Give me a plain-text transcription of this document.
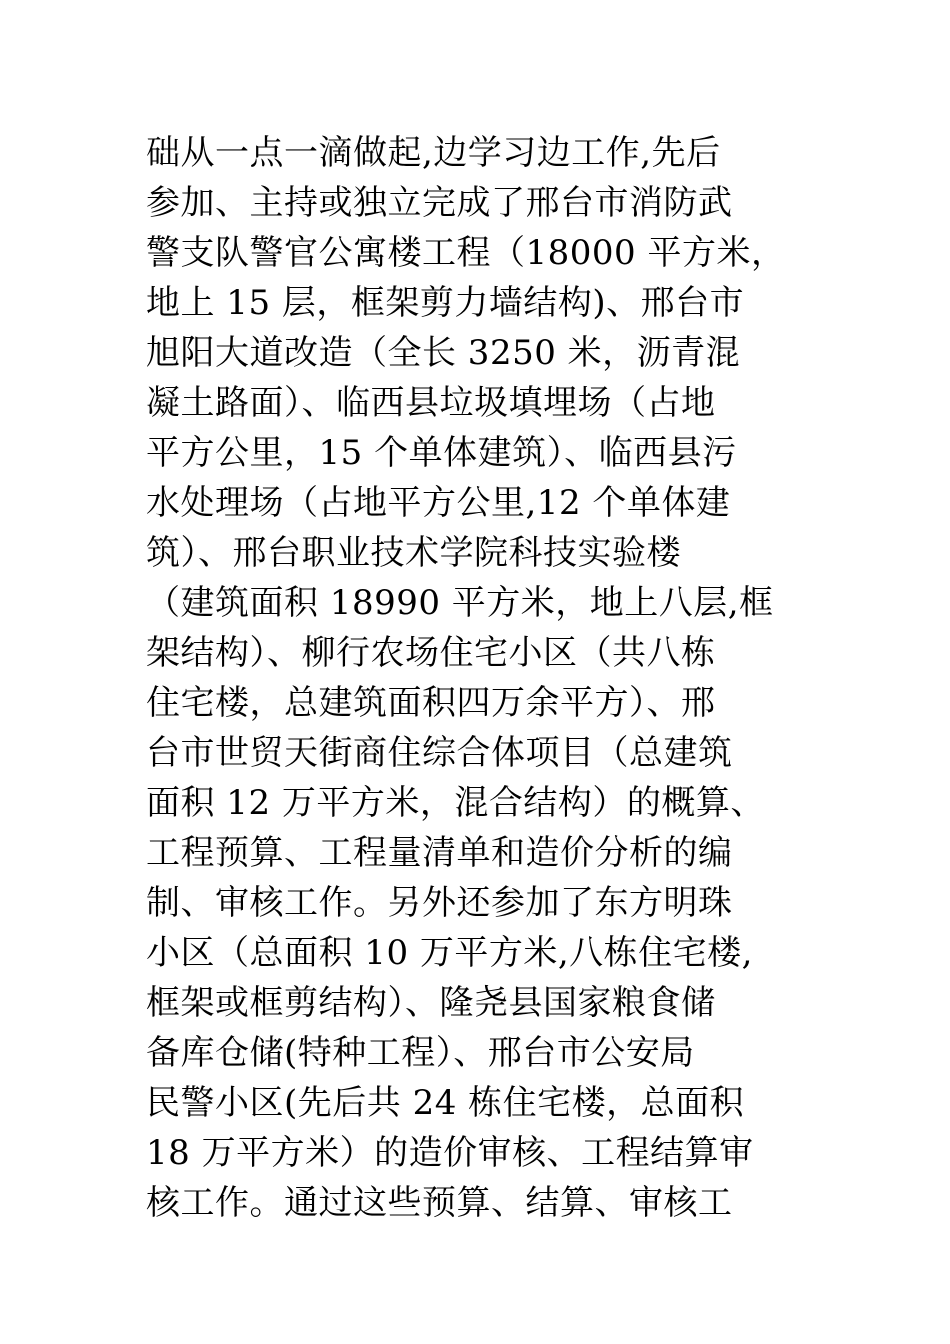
础从一点一滴做起,边学习边工作,先后
参加、主持或独立完成了邢台市消防武
警支队警官公寓楼工程（18000 平方米，
地上 15 层，框架剪力墙结构)、邢台市
旭阳大道改造（全长 3250 米，沥青混
凝土路面）、临西县垃圾填埋场（占地
平方公里，15 个单体建筑）、临西县污
水处理场（占地平方公里,12 个单体建
筑）、邢台职业技术学院科技实验楼
（建筑面积 18990 平方米，地上八层,框
架结构）、柳行农场住宅小区（共八栋
住宅楼，总建筑面积四万余平方）、邢
台市世贸天街商住综合体项目（总建筑
面积 12 万平方米，混合结构）的概算、
工程预算、工程量清单和造价分析的编
制、审核工作。另外还参加了东方明珠
小区（总面积 10 万平方米,八栋住宅楼,
框架或框剪结构）、隆尧县国家粮食储
备库仓储(特种工程）、邢台市公安局
民警小区(先后共 24 栋住宅楼，总面积
18 万平方米）的造价审核、工程结算审
核工作。通过这些预算、结算、审核工
